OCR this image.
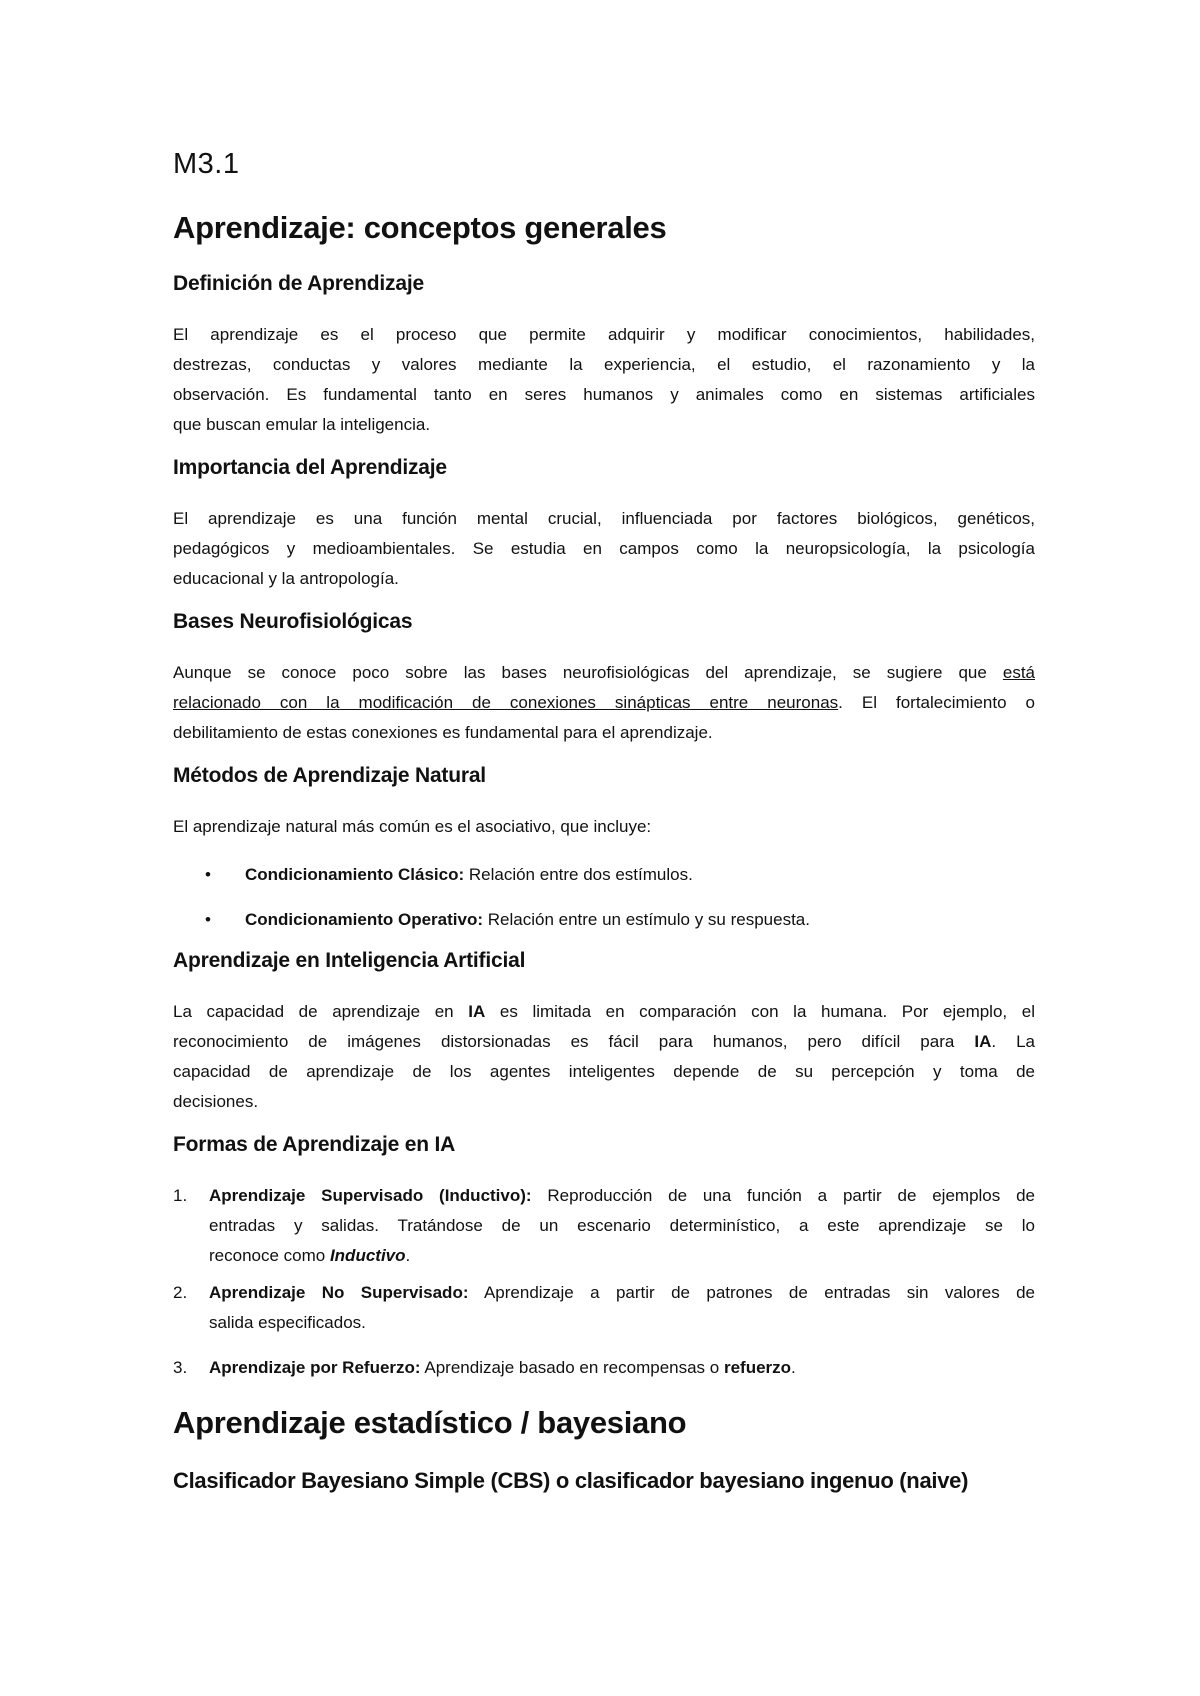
M3.1
Aprendizaje: conceptos generales
Definición de Aprendizaje
El aprendizaje es el proceso que permite adquirir y modificar conocimientos, habilidades,
destrezas, conductas y valores mediante la experiencia, el estudio, el razonamiento y la
observación. Es fundamental tanto en seres humanos y animales como en sistemas artificiales
que buscan emular la inteligencia.
Importancia del Aprendizaje
El aprendizaje es una función mental crucial, influenciada por factores biológicos, genéticos,
pedagógicos y medioambientales. Se estudia en campos como la neuropsicología, la psicología
educacional y la antropología.
Bases Neurofisiológicas
Aunque se conoce poco sobre las bases neurofisiológicas del aprendizaje, se sugiere que está
relacionado con la modificación de conexiones sinápticas entre neuronas. El fortalecimiento o
debilitamiento de estas conexiones es fundamental para el aprendizaje.
Métodos de Aprendizaje Natural
El aprendizaje natural más común es el asociativo, que incluye:
• Condicionamiento Clásico: Relación entre dos estímulos.
• Condicionamiento Operativo: Relación entre un estímulo y su respuesta.
Aprendizaje en Inteligencia Artificial
La capacidad de aprendizaje en IA es limitada en comparación con la humana. Por ejemplo, el
reconocimiento de imágenes distorsionadas es fácil para humanos, pero difícil para IA. La
capacidad de aprendizaje de los agentes inteligentes depende de su percepción y toma de
decisiones.
Formas de Aprendizaje en IA
1. Aprendizaje Supervisado (Inductivo): Reproducción de una función a partir de ejemplos de
entradas y salidas. Tratándose de un escenario determinístico, a este aprendizaje se lo
reconoce como Inductivo.
2. Aprendizaje No Supervisado: Aprendizaje a partir de patrones de entradas sin valores de
salida especificados.
3. Aprendizaje por Refuerzo: Aprendizaje basado en recompensas o refuerzo.
Aprendizaje estadístico / bayesiano
Clasificador Bayesiano Simple (CBS) o clasificador bayesiano ingenuo (naive)
